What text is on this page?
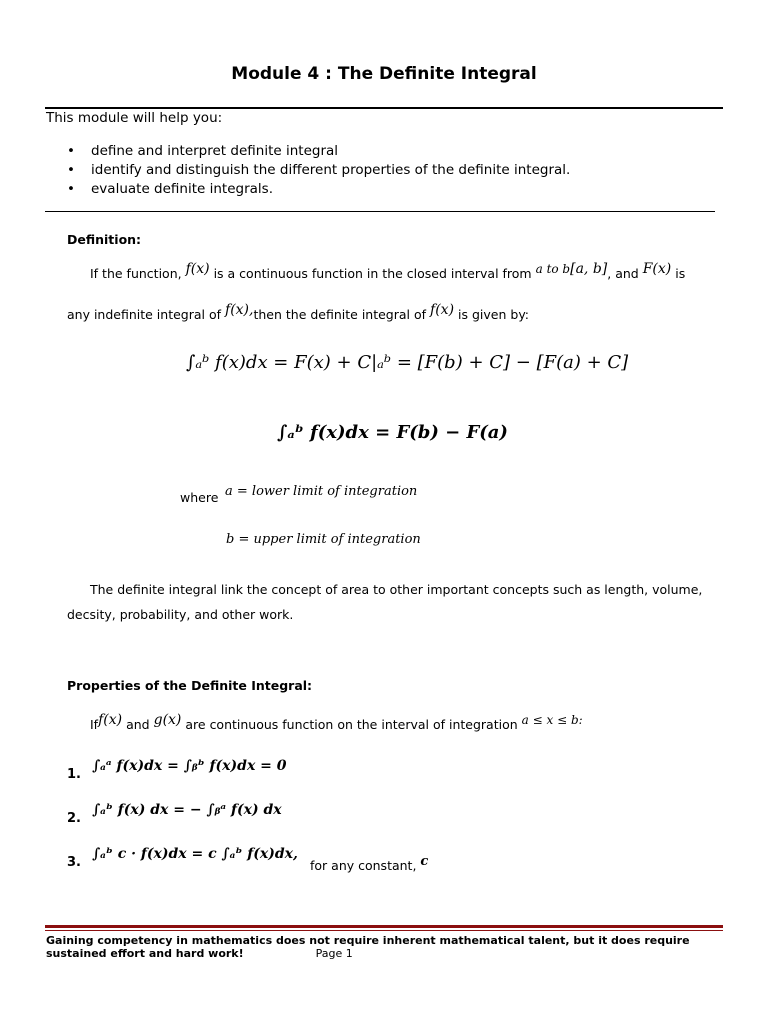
Module 4 : The Definite Integral
This module will help you:
• define and interpret definite integral
• identify and distinguish the different properties of the definite integral.
• evaluate definite integrals.
Definition:
If the function, f(x) is a continuous function in the closed interval from a to b[a, b], and F(x) is
any indefinite integral of f(x),then the definite integral of f(x) is given by:
∫ₐᵇ f(x)dx = F(x) + C|ₐᵇ = [F(b) + C] − [F(a) + C]
∫ₐᵇ f(x)dx = F(b) − F(a)
where a = lower limit of integration
b = upper limit of integration
The definite integral link the concept of area to other important concepts such as length, volume,
decsity, probability, and other work.
Properties of the Definite Integral:
Iff(x) and g(x) are continuous function on the interval of integration a ≤ x ≤ b:
1. ∫ₐᵃ f(x)dx = ∫ᵦᵇ f(x)dx = 0
2. ∫ₐᵇ f(x) dx = − ∫ᵦᵃ f(x) dx
3. ∫ₐᵇ c · f(x)dx = c ∫ₐᵇ f(x)dx,
for any constant, c
Gaining competency in mathematics does not require inherent mathematical talent, but it does require sustained effort and hard work!	Page 1
